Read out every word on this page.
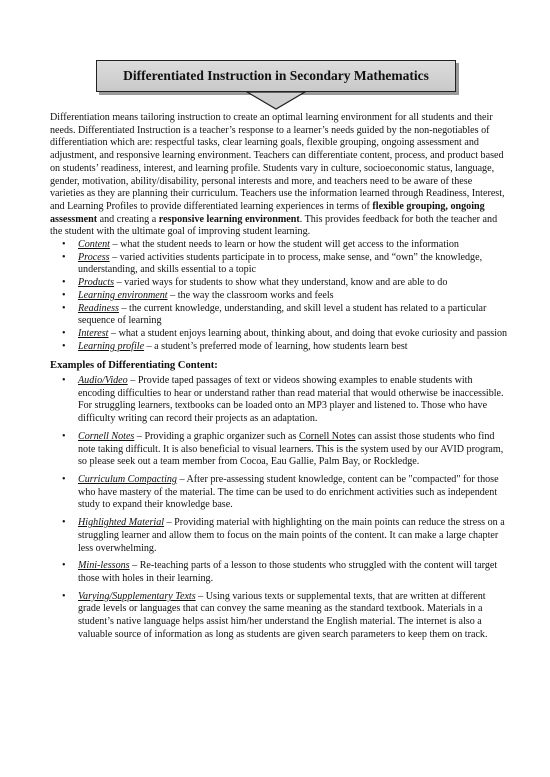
Differentiated Instruction in Secondary Mathematics

Differentiation means tailoring instruction to create an optimal learning environment for all students and their needs. Differentiated Instruction is a teacher’s response to a learner’s needs guided by the non-negotiables of differentiation which are: respectful tasks, clear learning goals, flexible grouping, ongoing assessment and adjustment, and responsive learning environment. Teachers can differentiate content, process, and product based on students’ readiness, interest, and learning profile. Students vary in culture, socioeconomic status, language, gender, motivation, ability/disability, personal interests and more, and teachers need to be aware of these varieties as they are planning their curriculum. Teachers use the information learned through Readiness, Interest, and Learning Profiles to provide differentiated learning experiences in terms of flexible grouping, ongoing assessment and creating a responsive learning environment. This provides feedback for both the teacher and the student with the ultimate goal of improving student learning.

• Content – what the student needs to learn or how the student will get access to the information
• Process – varied activities students participate in to process, make sense, and “own” the knowledge, understanding, and skills essential to a topic
• Products – varied ways for students to show what they understand, know and are able to do
• Learning environment – the way the classroom works and feels
• Readiness – the current knowledge, understanding, and skill level a student has related to a particular sequence of learning
• Interest – what a student enjoys learning about, thinking about, and doing that evoke curiosity and passion
• Learning profile – a student’s preferred mode of learning, how students learn best
Examples of Differentiating Content:
• Audio/Video – Provide taped passages of text or videos showing examples to enable students with encoding difficulties to hear or understand rather than read material that would otherwise be inaccessible. For struggling learners, textbooks can be loaded onto an MP3 player and listened to. Those who have difficulty writing can record their projects as an adaptation.
• Cornell Notes – Providing a graphic organizer such as Cornell Notes can assist those students who find note taking difficult. It is also beneficial to visual learners. This is the system used by our AVID program, so please seek out a team member from Cocoa, Eau Gallie, Palm Bay, or Rockledge.
• Curriculum Compacting – After pre-assessing student knowledge, content can be "compacted" for those who have mastery of the material. The time can be used to do enrichment activities such as independent study to expand their knowledge base.
• Highlighted Material – Providing material with highlighting on the main points can reduce the stress on a struggling learner and allow them to focus on the main points of the content. It can make a large chapter less overwhelming.
• Mini-lessons – Re-teaching parts of a lesson to those students who struggled with the content will target those with holes in their learning.
• Varying/Supplementary Texts – Using various texts or supplemental texts, that are written at different grade levels or languages that can convey the same meaning as the standard textbook. Materials in a student’s native language helps assist him/her understand the English material. The internet is also a valuable source of information as long as students are given search parameters to keep them on track.
